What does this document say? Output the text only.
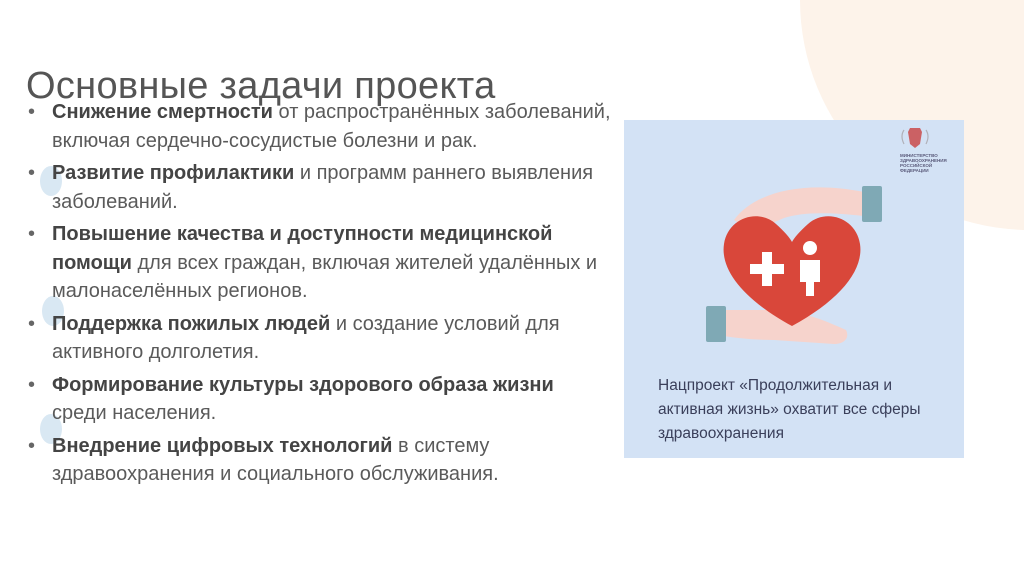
Основные задачи проекта
• Снижение смертности от распространённых заболеваний, включая сердечно-сосудистые болезни и рак.
• Развитие профилактики и программ раннего выявления заболеваний.
• Повышение качества и доступности медицинской помощи для всех граждан, включая жителей удалённых и малонаселённых регионов.
• Поддержка пожилых людей и создание условий для активного долголетия.
• Формирование культуры здорового образа жизни среди населения.
• Внедрение цифровых технологий в систему здравоохранения и социального обслуживания.
МИНИСТЕРСТВО ЗДРАВООХРАНЕНИЯ РОССИЙСКОЙ ФЕДЕРАЦИИ
Нацпроект «Продолжительная и активная жизнь» охватит все сферы здравоохранения
